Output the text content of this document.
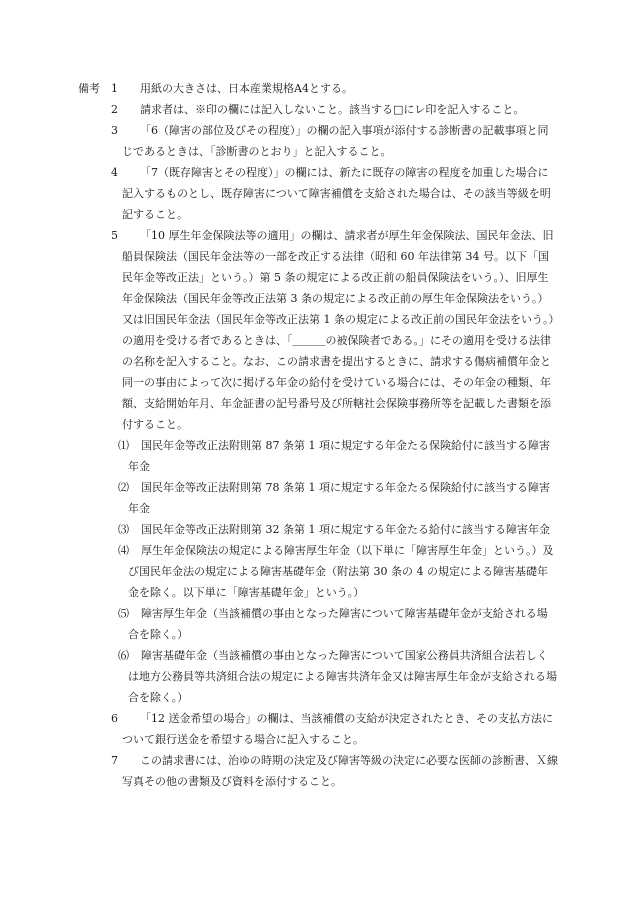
備考 1	用紙の大きさは、日本産業規格A4とする。
2	請求者は、※印の欄には記入しないこと。該当する□にレ印を記入すること。
3	「6（障害の部位及びその程度）」の欄の記入事項が添付する診断書の記載事項と同じであるときは、「診断書のとおり」と記入すること。
4	「7（既存障害とその程度）」の欄には、新たに既存の障害の程度を加重した場合に記入するものとし、既存障害について障害補償を支給された場合は、その該当等級を明記すること。
5	「10 厚生年金保険法等の適用」の欄は、請求者が厚生年金保険法、国民年金法、旧船員保険法（国民年金法等の一部を改正する法律（昭和 60 年法律第 34 号。以下「国民年金等改正法」という。）第 5 条の規定による改正前の船員保険法をいう。）、旧厚生年金保険法（国民年金等改正法第 3 条の規定による改正前の厚生年金保険法をいう。）又は旧国民年金法（国民年金等改正法第 1 条の規定による改正前の国民年金法をいう。）の適用を受ける者であるときは、「＿＿＿の被保険者である。」にその適用を受ける法律の名称を記入すること。なお、この請求書を提出するときに、請求する傷病補償年金と同一の事由によって次に掲げる年金の給付を受けている場合には、その年金の種類、年額、支給開始年月、年金証書の記号番号及び所轄社会保険事務所等を記載した書類を添付すること。
⑴	国民年金等改正法附則第 87 条第 1 項に規定する年金たる保険給付に該当する障害年金
⑵	国民年金等改正法附則第 78 条第 1 項に規定する年金たる保険給付に該当する障害年金
⑶	国民年金等改正法附則第 32 条第 1 項に規定する年金たる給付に該当する障害年金
⑷	厚生年金保険法の規定による障害厚生年金（以下単に「障害厚生年金」という。）及び国民年金法の規定による障害基礎年金（附法第 30 条の 4 の規定による障害基礎年金を除く。以下単に「障害基礎年金」という。）
⑸	障害厚生年金（当該補償の事由となった障害について障害基礎年金が支給される場合を除く。）
⑹	障害基礎年金（当該補償の事由となった障害について国家公務員共済組合法若しくは地方公務員等共済組合法の規定による障害共済年金又は障害厚生年金が支給される場合を除く。）
6	「12 送金希望の場合」の欄は、当該補償の支給が決定されたとき、その支払方法について銀行送金を希望する場合に記入すること。
7	この請求書には、治ゆの時期の決定及び障害等級の決定に必要な医師の診断書、Ｘ線写真その他の書類及び資料を添付すること。
